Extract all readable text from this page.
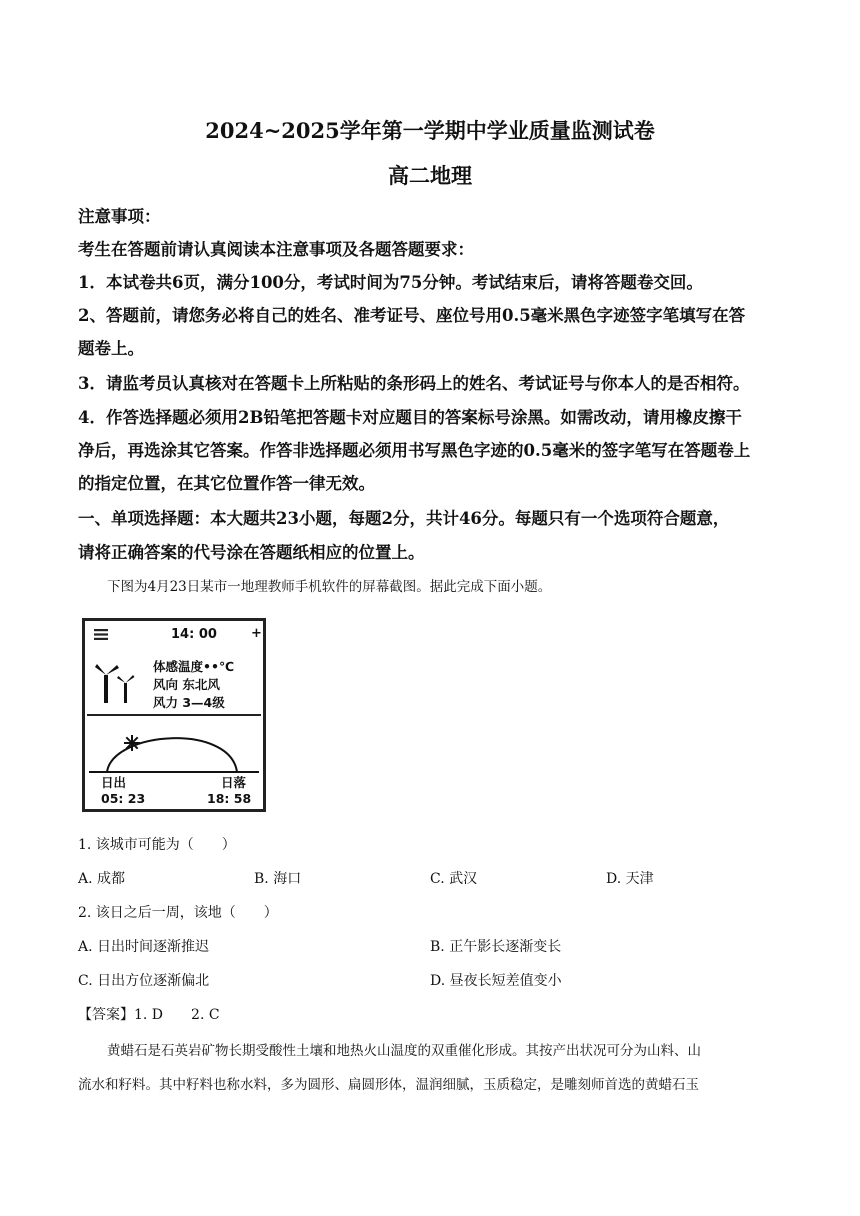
2024~2025学年第一学期中学业质量监测试卷
高二地理
注意事项：
考生在答题前请认真阅读本注意事项及各题答题要求：
1．本试卷共6页，满分100分，考试时间为75分钟。考试结束后，请将答题卷交回。
2、答题前，请您务必将自己的姓名、准考证号、座位号用0.5毫米黑色字迹签字笔填写在答
题卷上。
3．请监考员认真核对在答题卡上所粘贴的条形码上的姓名、考试证号与你本人的是否相符。
4．作答选择题必须用2B铅笔把答题卡对应题目的答案标号涂黑。如需改动，请用橡皮擦干
净后，再选涂其它答案。作答非选择题必须用书写黑色字迹的0.5毫米的签字笔写在答题卷上
的指定位置，在其它位置作答一律无效。
一、单项选择题：本大题共23小题，每题2分，共计46分。每题只有一个选项符合题意，
请将正确答案的代号涂在答题纸相应的位置上。
下图为4月23日某市一地理教师手机软件的屏幕截图。据此完成下面小题。
14: 00	+
体感温度••℃
风向 东北风
风力 3—4级
日出
05: 23
日落
18: 58
1. 该城市可能为（　　）
A. 成都	B. 海口	C. 武汉	D. 天津
2. 该日之后一周，该地（　　）
A. 日出时间逐渐推迟	B. 正午影长逐渐变长
C. 日出方位逐渐偏北	D. 昼夜长短差值变小
【答案】1. D　　2. C
黄蜡石是石英岩矿物长期受酸性土壤和地热火山温度的双重催化形成。其按产出状况可分为山料、山
流水和籽料。其中籽料也称水料，多为圆形、扁圆形体，温润细腻，玉质稳定，是雕刻师首选的黄蜡石玉
